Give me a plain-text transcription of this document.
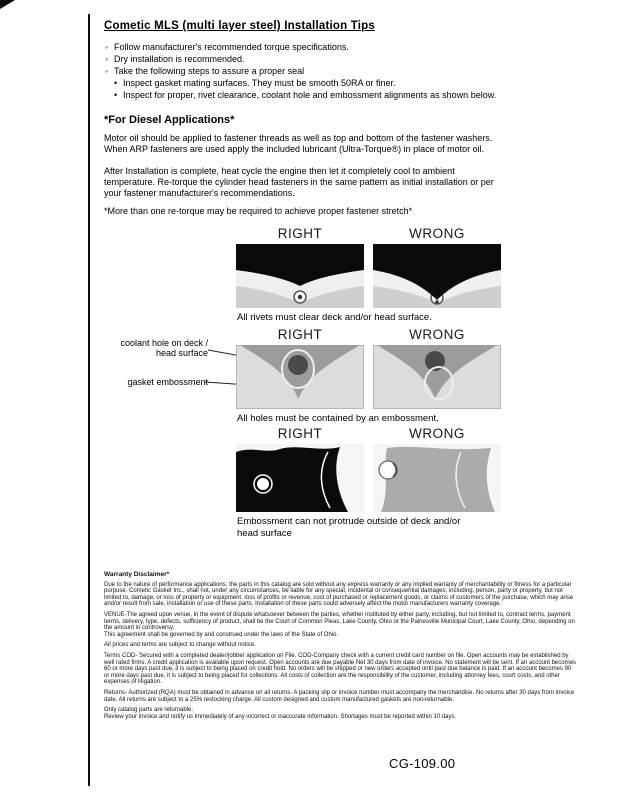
Cometic MLS (multi layer steel) Installation Tips
◦ Follow manufacturer's recommended torque specifications.
◦ Dry installation is recommended.
◦ Take the following steps to assure a proper seal
• Inspect gasket mating surfaces. They must be smooth 50RA or finer.
• Inspect for proper, rivet clearance, coolant hole and embossment alignments as shown below.
*For Diesel Applications*
Motor oil should be applied to fastener threads as well as top and bottom of the fastener washers. When ARP fasteners are used apply the included lubricant (Ultra-Torque®) in place of motor oil.
After Installation is complete, heat cycle the engine then let it completely cool to ambient temperature. Re-torque the cylinder head fasteners in the same pattern as initial installation or per your fastener manufacturer's recommendations.
*More than one re-torque may be required to achieve proper fastener stretch*
RIGHT	WRONG
All rivets must clear deck and/or head surface.
coolant hole on deck / head surface
gasket embossment
RIGHT	WRONG
All holes must be contained by an embossment.
RIGHT	WRONG
Embossment can not protrude outside of deck and/or head surface
Warranty Disclaimer*

Due to the nature of performance applications, the parts in this catalog are sold without any express warranty or any implied warranty of merchantability or fitness for a particular purpose. Cometic Gasket Inc., shall not, under any circumstances, be liable for any special, incidental or consequential damages, including, person, party or property, but not limited to, damage, or loss of property or equipment, loss of profits or revenue, cost of purchased or replacement goods, or claims of customers of the purchase, which may arise and/or result from sale, installation or use of these parts. Installation of these parts could adversely affect the motor manufacturers warranty coverage.

VENUE-The agreed upon venue, in the event of dispute whatsoever between the parties, whether instituted by either party, including, but not limited to, contract terms, payment terms, delivery, type, defects, sufficiency of product, shall be the Court of Common Pleas, Lake County, Ohio or the Painesville Municipal Court, Lake County, Ohio, depending on the amount in controversy.

This agreement shall be governed by and construed under the laws of the State of Ohio.

All prices and terms are subject to change without notice.

Terms COD- Secured with a completed dealer/jobber application on File, COD-Company check with a current credit card number on file. Open accounts may be established by well rated firms. A credit application is available upon request. Open accounts are due payable Net 30 days from date of invoice. No statement will be sent. If an account becomes 60 or more days past due, it is subject to being placed on credit hold. No orders will be shipped or new orders accepted until past due balance is paid. If an account becomes 90 or more days past due, it is subject to being placed for collections. All costs of collection are the responsibility of the customer, including attorney fees, court costs, and other expenses of litigation.

Returns- Authorized (RQA) must be obtained in advance on all returns. A packing slip or invoice number must accompany the merchandise. No returns after 30 days from invoice date. All returns are subject to a 25% restocking charge. All custom designed and custom manufactured gaskets are non-returnable.

Only catalog parts are returnable.

Review your invoice and notify us immediately of any incorrect or inaccurate information. Shortages must be reported within 10 days.

CG-109.00
